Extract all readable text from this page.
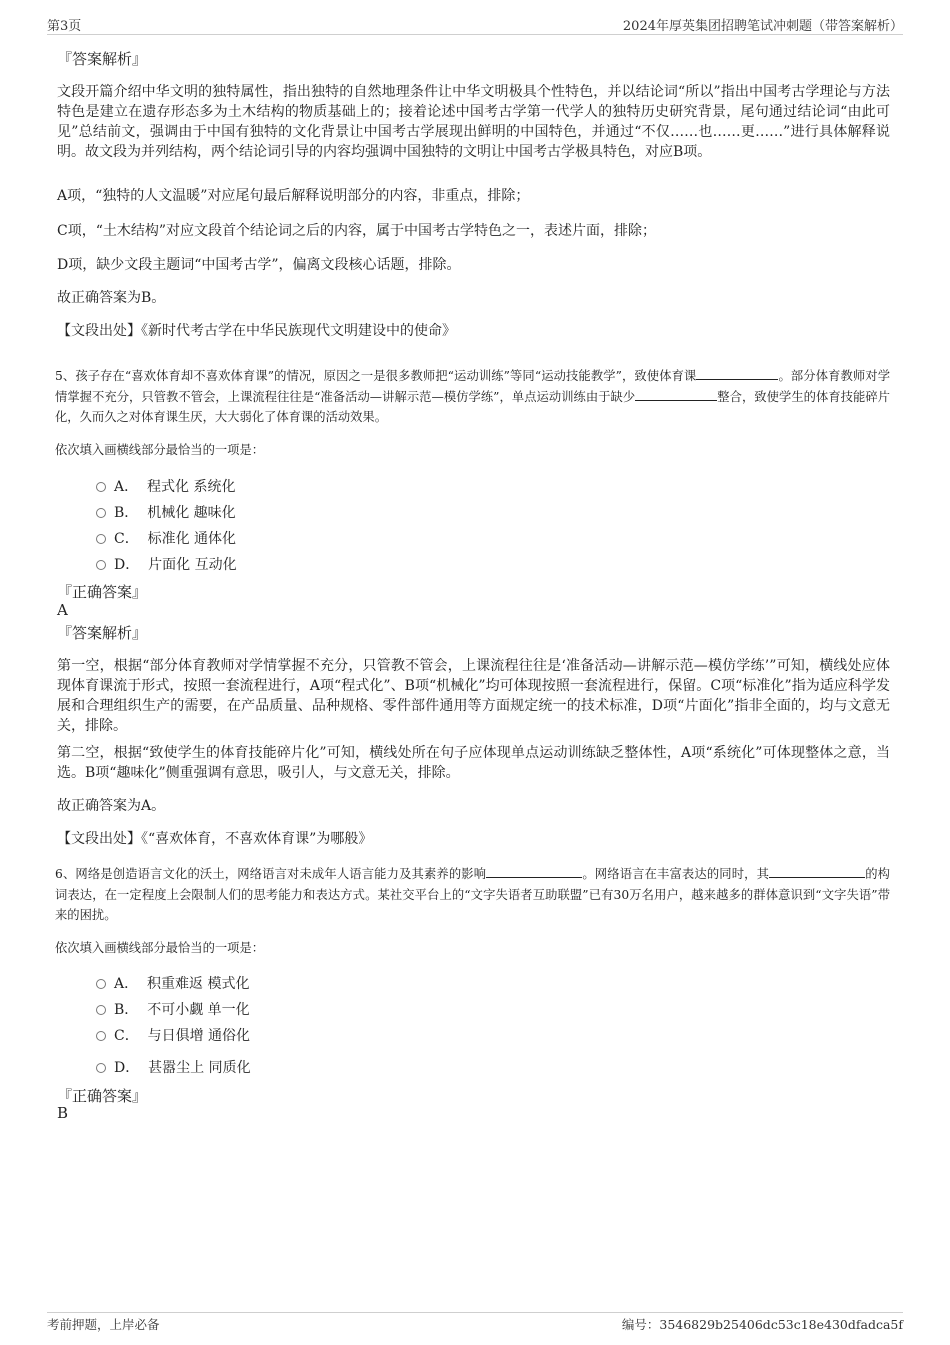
第3页	2024年厚英集团招聘笔试冲刺题（带答案解析）
『答案解析』

文段开篇介绍中华文明的独特属性，指出独特的自然地理条件让中华文明极具个性特色，并以结论词“所以”指出中国考古学理论与方法特色是建立在遗存形态多为土木结构的物质基础上的；接着论述中国考古学第一代学人的独特历史研究背景，尾句通过结论词“由此可见”总结前文，强调由于中国有独特的文化背景让中国考古学展现出鲜明的中国特色，并通过“不仅……也……更……”进行具体解释说明。故文段为并列结构，两个结论词引导的内容均强调中国独特的文明让中国考古学极具特色，对应B项。

A项，“独特的人文温暖”对应尾句最后解释说明部分的内容，非重点，排除；

C项，“土木结构”对应文段首个结论词之后的内容，属于中国考古学特色之一，表述片面，排除；

D项，缺少文段主题词“中国考古学”，偏离文段核心话题，排除。

故正确答案为B。

【文段出处】《新时代考古学在中华民族现代文明建设中的使命》

5、孩子存在“喜欢体育却不喜欢体育课”的情况，原因之一是很多教师把“运动训练”等同“运动技能教学”，致使体育课	。部分体育教师对学情掌握不充分，只管教不管会，上课流程往往是“准备活动—讲解示范—模仿学练”，单点运动训练由于缺少	整合，致使学生的体育技能碎片化，久而久之对体育课生厌，大大弱化了体育课的活动效果。

依次填入画横线部分最恰当的一项是：

A．  程式化 系统化
B．  机械化 趣味化
C．  标准化 通体化
D．  片面化 互动化
『正确答案』
A
『答案解析』

第一空，根据“部分体育教师对学情掌握不充分，只管教不管会，上课流程往往是‘准备活动—讲解示范—模仿学练’”可知，横线处应体现体育课流于形式，按照一套流程进行，A项“程式化”、B项“机械化”均可体现按照一套流程进行，保留。C项“标准化”指为适应科学发展和合理组织生产的需要，在产品质量、品种规格、零件部件通用等方面规定统一的技术标准，D项“片面化”指非全面的，均与文意无关，排除。

第二空，根据“致使学生的体育技能碎片化”可知，横线处所在句子应体现单点运动训练缺乏整体性，A项“系统化”可体现整体之意，当选。B项“趣味化”侧重强调有意思，吸引人，与文意无关，排除。

故正确答案为A。

【文段出处】《“喜欢体育，不喜欢体育课”为哪般》

6、网络是创造语言文化的沃土，网络语言对未成年人语言能力及其素养的影响	。网络语言在丰富表达的同时，其	的构词表达，在一定程度上会限制人们的思考能力和表达方式。某社交平台上的“文字失语者互助联盟”已有30万名用户，越来越多的群体意识到“文字失语”带来的困扰。

依次填入画横线部分最恰当的一项是：

A．  积重难返 模式化
B．  不可小觑 单一化
C．  与日俱增 通俗化
D．  甚嚣尘上 同质化
『正确答案』
B
考前押题，上岸必备	编号：3546829b25406dc53c18e430dfadca5f
